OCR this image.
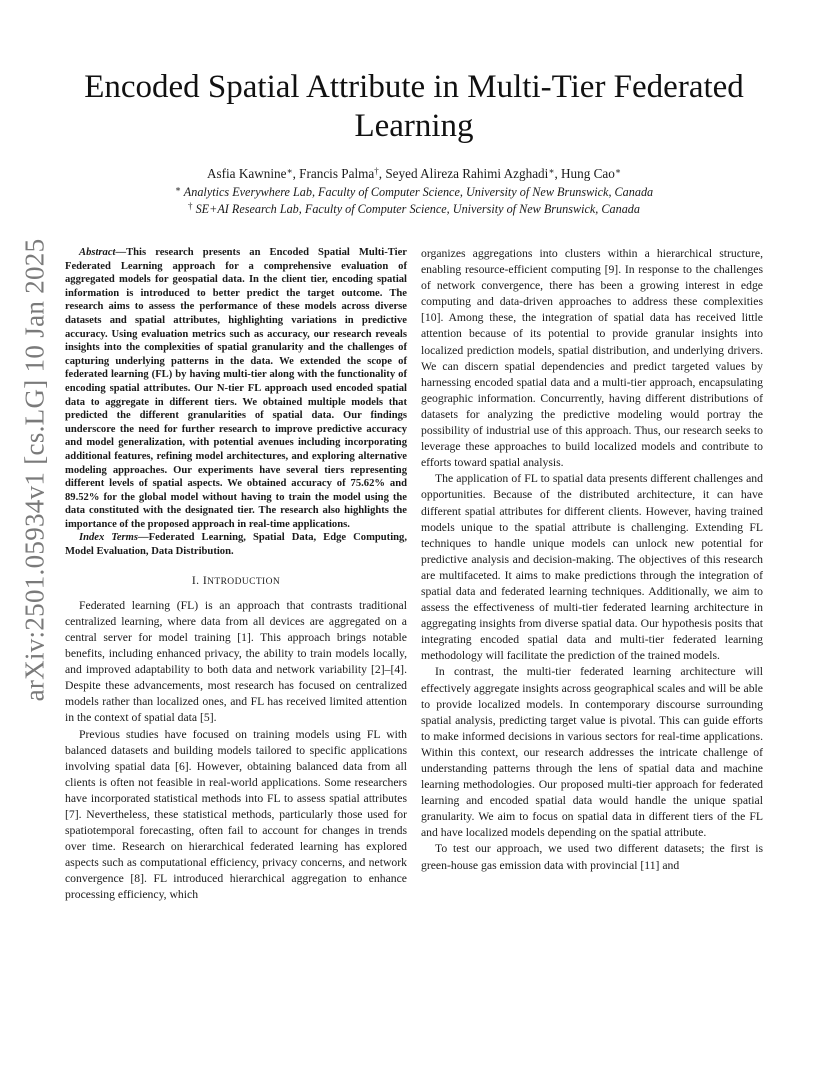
arXiv:2501.05934v1 [cs.LG] 10 Jan 2025
Encoded Spatial Attribute in Multi-Tier Federated Learning
Asfia Kawnine∗, Francis Palma†, Seyed Alireza Rahimi Azghadi∗, Hung Cao∗
∗ Analytics Everywhere Lab, Faculty of Computer Science, University of New Brunswick, Canada
† SE+AI Research Lab, Faculty of Computer Science, University of New Brunswick, Canada

Abstract—This research presents an Encoded Spatial Multi-Tier Federated Learning approach for a comprehensive evaluation of aggregated models for geospatial data. In the client tier, encoding spatial information is introduced to better predict the target outcome. The research aims to assess the performance of these models across diverse datasets and spatial attributes, highlighting variations in predictive accuracy. Using evaluation metrics such as accuracy, our research reveals insights into the complexities of spatial granularity and the challenges of capturing underlying patterns in the data. We extended the scope of federated learning (FL) by having multi-tier along with the functionality of encoding spatial attributes. Our N-tier FL approach used encoded spatial data to aggregate in different tiers. We obtained multiple models that predicted the different granularities of spatial data. Our findings underscore the need for further research to improve predictive accuracy and model generalization, with potential avenues including incorporating additional features, refining model architectures, and exploring alternative modeling approaches. Our experiments have several tiers representing different levels of spatial aspects. We obtained accuracy of 75.62% and 89.52% for the global model without having to train the model using the data constituted with the designated tier. The research also highlights the importance of the proposed approach in real-time applications.

Index Terms—Federated Learning, Spatial Data, Edge Computing, Model Evaluation, Data Distribution.

I. INTRODUCTION

Federated learning (FL) is an approach that contrasts traditional centralized learning, where data from all devices are aggregated on a central server for model training [1]. This approach brings notable benefits, including enhanced privacy, the ability to train models locally, and improved adaptability to both data and network variability [2]–[4]. Despite these advancements, most research has focused on centralized models rather than localized ones, and FL has received limited attention in the context of spatial data [5].

Previous studies have focused on training models using FL with balanced datasets and building models tailored to specific applications involving spatial data [6]. However, obtaining balanced data from all clients is often not feasible in real-world applications. Some researchers have incorporated statistical methods into FL to assess spatial attributes [7]. Nevertheless, these statistical methods, particularly those used for spatiotemporal forecasting, often fail to account for changes in trends over time. Research on hierarchical federated learning has explored aspects such as computational efficiency, privacy concerns, and network convergence [8]. FL introduced hierarchical aggregation to enhance processing efficiency, which

organizes aggregations into clusters within a hierarchical structure, enabling resource-efficient computing [9]. In response to the challenges of network convergence, there has been a growing interest in edge computing and data-driven approaches to address these complexities [10]. Among these, the integration of spatial data has received little attention because of its potential to provide granular insights into localized prediction models, spatial distribution, and underlying drivers. We can discern spatial dependencies and predict targeted values by harnessing encoded spatial data and a multi-tier approach, encapsulating geographic information. Concurrently, having different distributions of datasets for analyzing the predictive modeling would portray the possibility of industrial use of this approach. Thus, our research seeks to leverage these approaches to build localized models and contribute to efforts toward spatial analysis.

The application of FL to spatial data presents different challenges and opportunities. Because of the distributed architecture, it can have different spatial attributes for different clients. However, having trained models unique to the spatial attribute is challenging. Extending FL techniques to handle unique models can unlock new potential for predictive analysis and decision-making. The objectives of this research are multifaceted. It aims to make predictions through the integration of spatial data and federated learning techniques. Additionally, we aim to assess the effectiveness of multi-tier federated learning architecture in aggregating insights from diverse spatial data. Our hypothesis posits that integrating encoded spatial data and multi-tier federated learning methodology will facilitate the prediction of the trained models.

In contrast, the multi-tier federated learning architecture will effectively aggregate insights across geographical scales and will be able to provide localized models. In contemporary discourse surrounding spatial analysis, predicting target value is pivotal. This can guide efforts to make informed decisions in various sectors for real-time applications. Within this context, our research addresses the intricate challenge of understanding patterns through the lens of spatial data and machine learning methodologies. Our proposed multi-tier approach for federated learning and encoded spatial data would handle the unique spatial granularity. We aim to focus on spatial data in different tiers of the FL and have localized models depending on the spatial attribute.

To test our approach, we used two different datasets; the first is green-house gas emission data with provincial [11] and
